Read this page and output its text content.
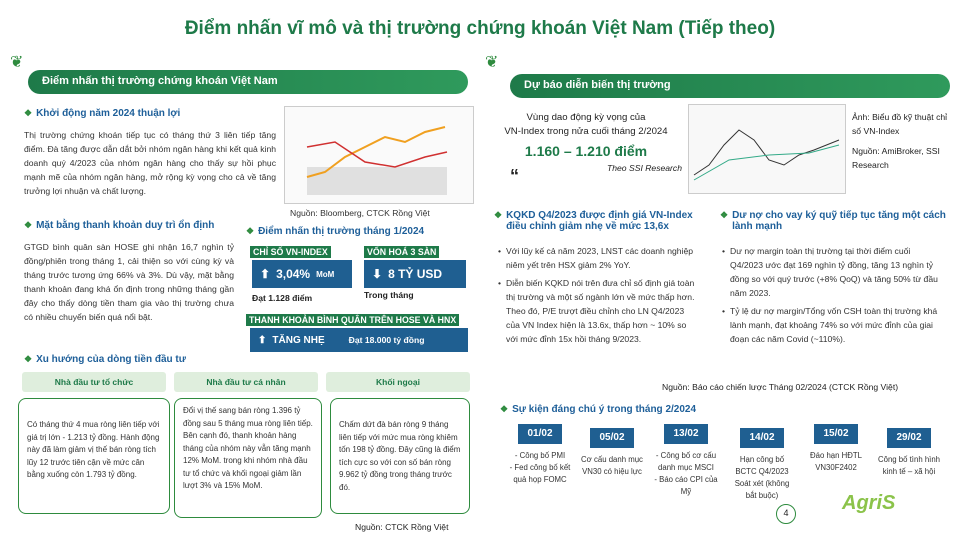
Điểm nhấn vĩ mô và thị trường chứng khoán Việt Nam (Tiếp theo)
❦	❦
Điểm nhấn thị trường chứng khoán Việt Nam	Dự báo diễn biến thị trường
❖ Khởi động năm 2024 thuận lợi
Thị trường chứng khoán tiếp tục có tháng thứ 3 liên tiếp tăng điểm. Đà tăng được dẫn dắt bởi nhóm ngân hàng khi kết quả kinh doanh quý 4/2023 của nhóm ngân hàng cho thấy sự hồi phục mạnh mẽ của nhóm ngân hàng, mở rộng kỳ vọng cho cả về tăng trưởng lợi nhuận và chất lượng.
Nguồn: Bloomberg, CTCK Rồng Việt
❖ Mặt bằng thanh khoản duy trì ổn định
GTGD bình quân sàn HOSE ghi nhận 16,7 nghìn tỷ đồng/phiên trong tháng 1, cải thiện so với cùng kỳ và tháng trước tương ứng 66% và 3%. Dù vậy, mặt bằng thanh khoản đang khá ổn định trong những tháng gần đây cho thấy dòng tiền tham gia vào thị trường chưa có nhiều chuyển biến quá nổi bật.
❖ Điểm nhấn thị trường tháng 1/2024
CHỈ SỐ VN-INDEX
⬆ 3,04% MoM
Đạt 1.128 điểm
VỐN HOÁ 3 SÀN
⬇ 8 TỶ USD
Trong tháng
THANH KHOẢN BÌNH QUÂN TRÊN HOSE VÀ HNX
⬆ TĂNG NHẸ	Đạt 18.000 tỷ đồng
❖ Xu hướng của dòng tiền đầu tư
Nhà đầu tư tổ chức	Nhà đầu tư cá nhân	Khối ngoại
Có tháng thứ 4 mua ròng liên tiếp với giá trị lớn - 1.213 tỷ đồng. Hành động này đã làm giảm vị thế bán ròng tích lũy 12 trước tiên cận về mức cân bằng xuống còn 1.793 tỷ đồng.
Đổi vị thế sang bán ròng 1.396 tỷ đồng sau 5 tháng mua ròng liên tiếp. Bên cạnh đó, thanh khoản hàng tháng của nhóm này vẫn tăng mạnh 12% MoM. trong khi nhóm nhà đầu tư tổ chức và khối ngoại giảm lần lượt 3% và 15% MoM.
Chấm dứt đà bán ròng 9 tháng liên tiếp với mức mua ròng khiêm tốn 198 tỷ đồng. Đây cũng là điểm tích cực so với con số bán ròng 9.962 tỷ đồng trong tháng trước đó.
Nguồn: CTCK Rồng Việt
Vùng dao động kỳ vọng của
VN-Index trong nửa cuối tháng 2/2024
1.160 – 1.210 điểm
Theo SSI Research
“
Ảnh: Biểu đồ kỹ thuật chỉ số VN-Index
Nguồn: AmiBroker, SSI Research
❖ KQKD Q4/2023 được định giá VN-Index điều chỉnh giảm nhẹ về mức 13,6x
• Với lũy kế cả năm 2023, LNST các doanh nghiệp niêm yết trên HSX giảm 2% YoY.
• Diễn biến KQKD nói trên đưa chỉ số định giá toàn thị trường và một số ngành lớn về mức thấp hơn. Theo đó, P/E trượt điều chỉnh cho LN Q4/2023 của VN Index hiện là 13.6x, thấp hơn ~ 10% so với mức đỉnh 15x hồi tháng 9/2023.
❖ Dư nợ cho vay ký quỹ tiếp tục tăng một cách lành mạnh
• Dư nợ margin toàn thị trường tại thời điểm cuối Q4/2023 ước đạt 169 nghìn tỷ đồng, tăng 13 nghìn tỷ đồng so với quý trước (+8% QoQ) và tăng 50% từ đầu năm 2023.
• Tỷ lệ dư nợ margin/Tổng vốn CSH toàn thị trường khá lành mạnh, đạt khoảng 74% so với mức đỉnh của giai đoạn các năm Covid (~110%).
Nguồn: Báo cáo chiến lược Tháng 02/2024 (CTCK Rồng Việt)
❖ Sự kiện đáng chú ý trong tháng 2/2024
01/02
- Công bố PMI
- Fed công bố kết quả họp FOMC
05/02
Cơ cấu danh mục VN30 có hiệu lực
13/02
- Công bố cơ cấu danh mục MSCI
- Báo cáo CPI của Mỹ
14/02
Hạn công bố BCTC Q4/2023 Soát xét (không bắt buộc)
15/02
Đáo hạn HĐTL VN30F2402
29/02
Công bố tình hình kinh tế – xã hội
4	AgriS
